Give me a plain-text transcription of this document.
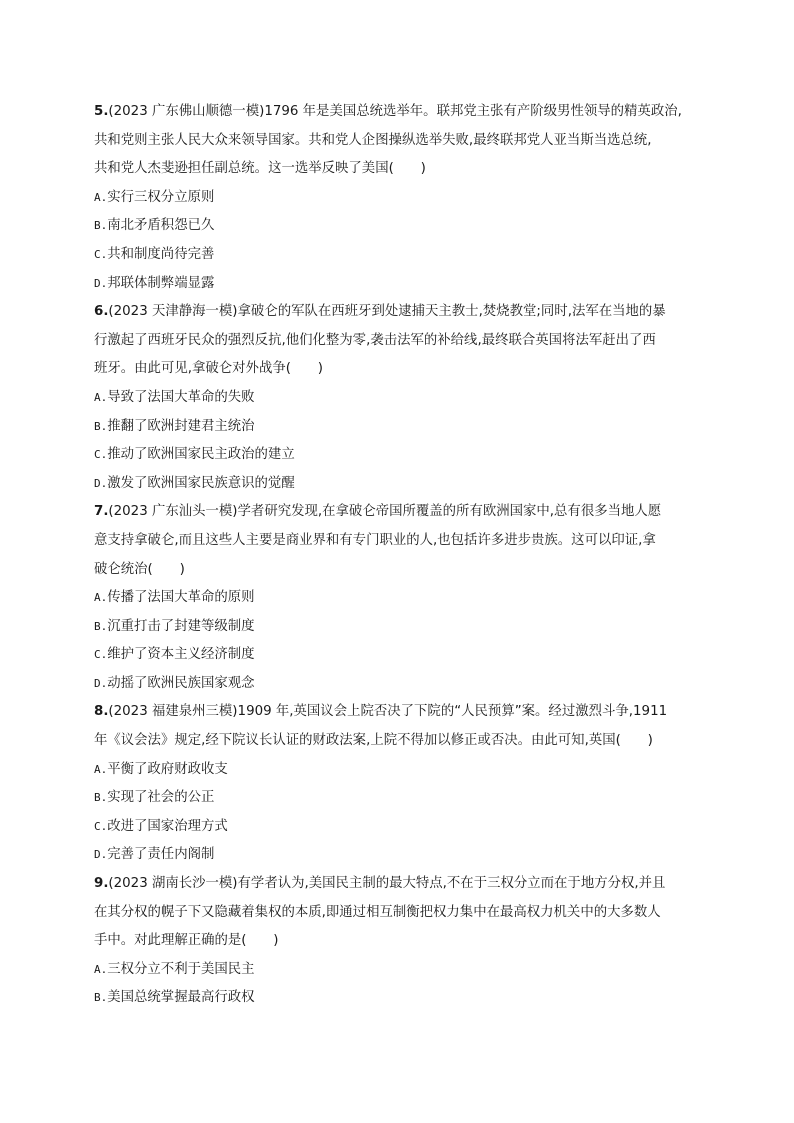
5.(2023 广东佛山顺德一模)1796 年是美国总统选举年。联邦党主张有产阶级男性领导的精英政治,
共和党则主张人民大众来领导国家。共和党人企图操纵选举失败,最终联邦党人亚当斯当选总统,
共和党人杰斐逊担任副总统。这一选举反映了美国(　　)
A.实行三权分立原则
B.南北矛盾积怨已久
C.共和制度尚待完善
D.邦联体制弊端显露
6.(2023 天津静海一模)拿破仑的军队在西班牙到处逮捕天主教士,焚烧教堂;同时,法军在当地的暴
行激起了西班牙民众的强烈反抗,他们化整为零,袭击法军的补给线,最终联合英国将法军赶出了西
班牙。由此可见,拿破仑对外战争(　　)
A.导致了法国大革命的失败
B.推翻了欧洲封建君主统治
C.推动了欧洲国家民主政治的建立
D.激发了欧洲国家民族意识的觉醒
7.(2023 广东汕头一模)学者研究发现,在拿破仑帝国所覆盖的所有欧洲国家中,总有很多当地人愿
意支持拿破仑,而且这些人主要是商业界和有专门职业的人,也包括许多进步贵族。这可以印证,拿
破仑统治(　　)
A.传播了法国大革命的原则
B.沉重打击了封建等级制度
C.维护了资本主义经济制度
D.动摇了欧洲民族国家观念
8.(2023 福建泉州三模)1909 年,英国议会上院否决了下院的“人民预算”案。经过激烈斗争,1911
年《议会法》规定,经下院议长认证的财政法案,上院不得加以修正或否决。由此可知,英国(　　)
A.平衡了政府财政收支
B.实现了社会的公正
C.改进了国家治理方式
D.完善了责任内阁制
9.(2023 湖南长沙一模)有学者认为,美国民主制的最大特点,不在于三权分立而在于地方分权,并且
在其分权的幌子下又隐藏着集权的本质,即通过相互制衡把权力集中在最高权力机关中的大多数人
手中。对此理解正确的是(　　)
A.三权分立不利于美国民主
B.美国总统掌握最高行政权
